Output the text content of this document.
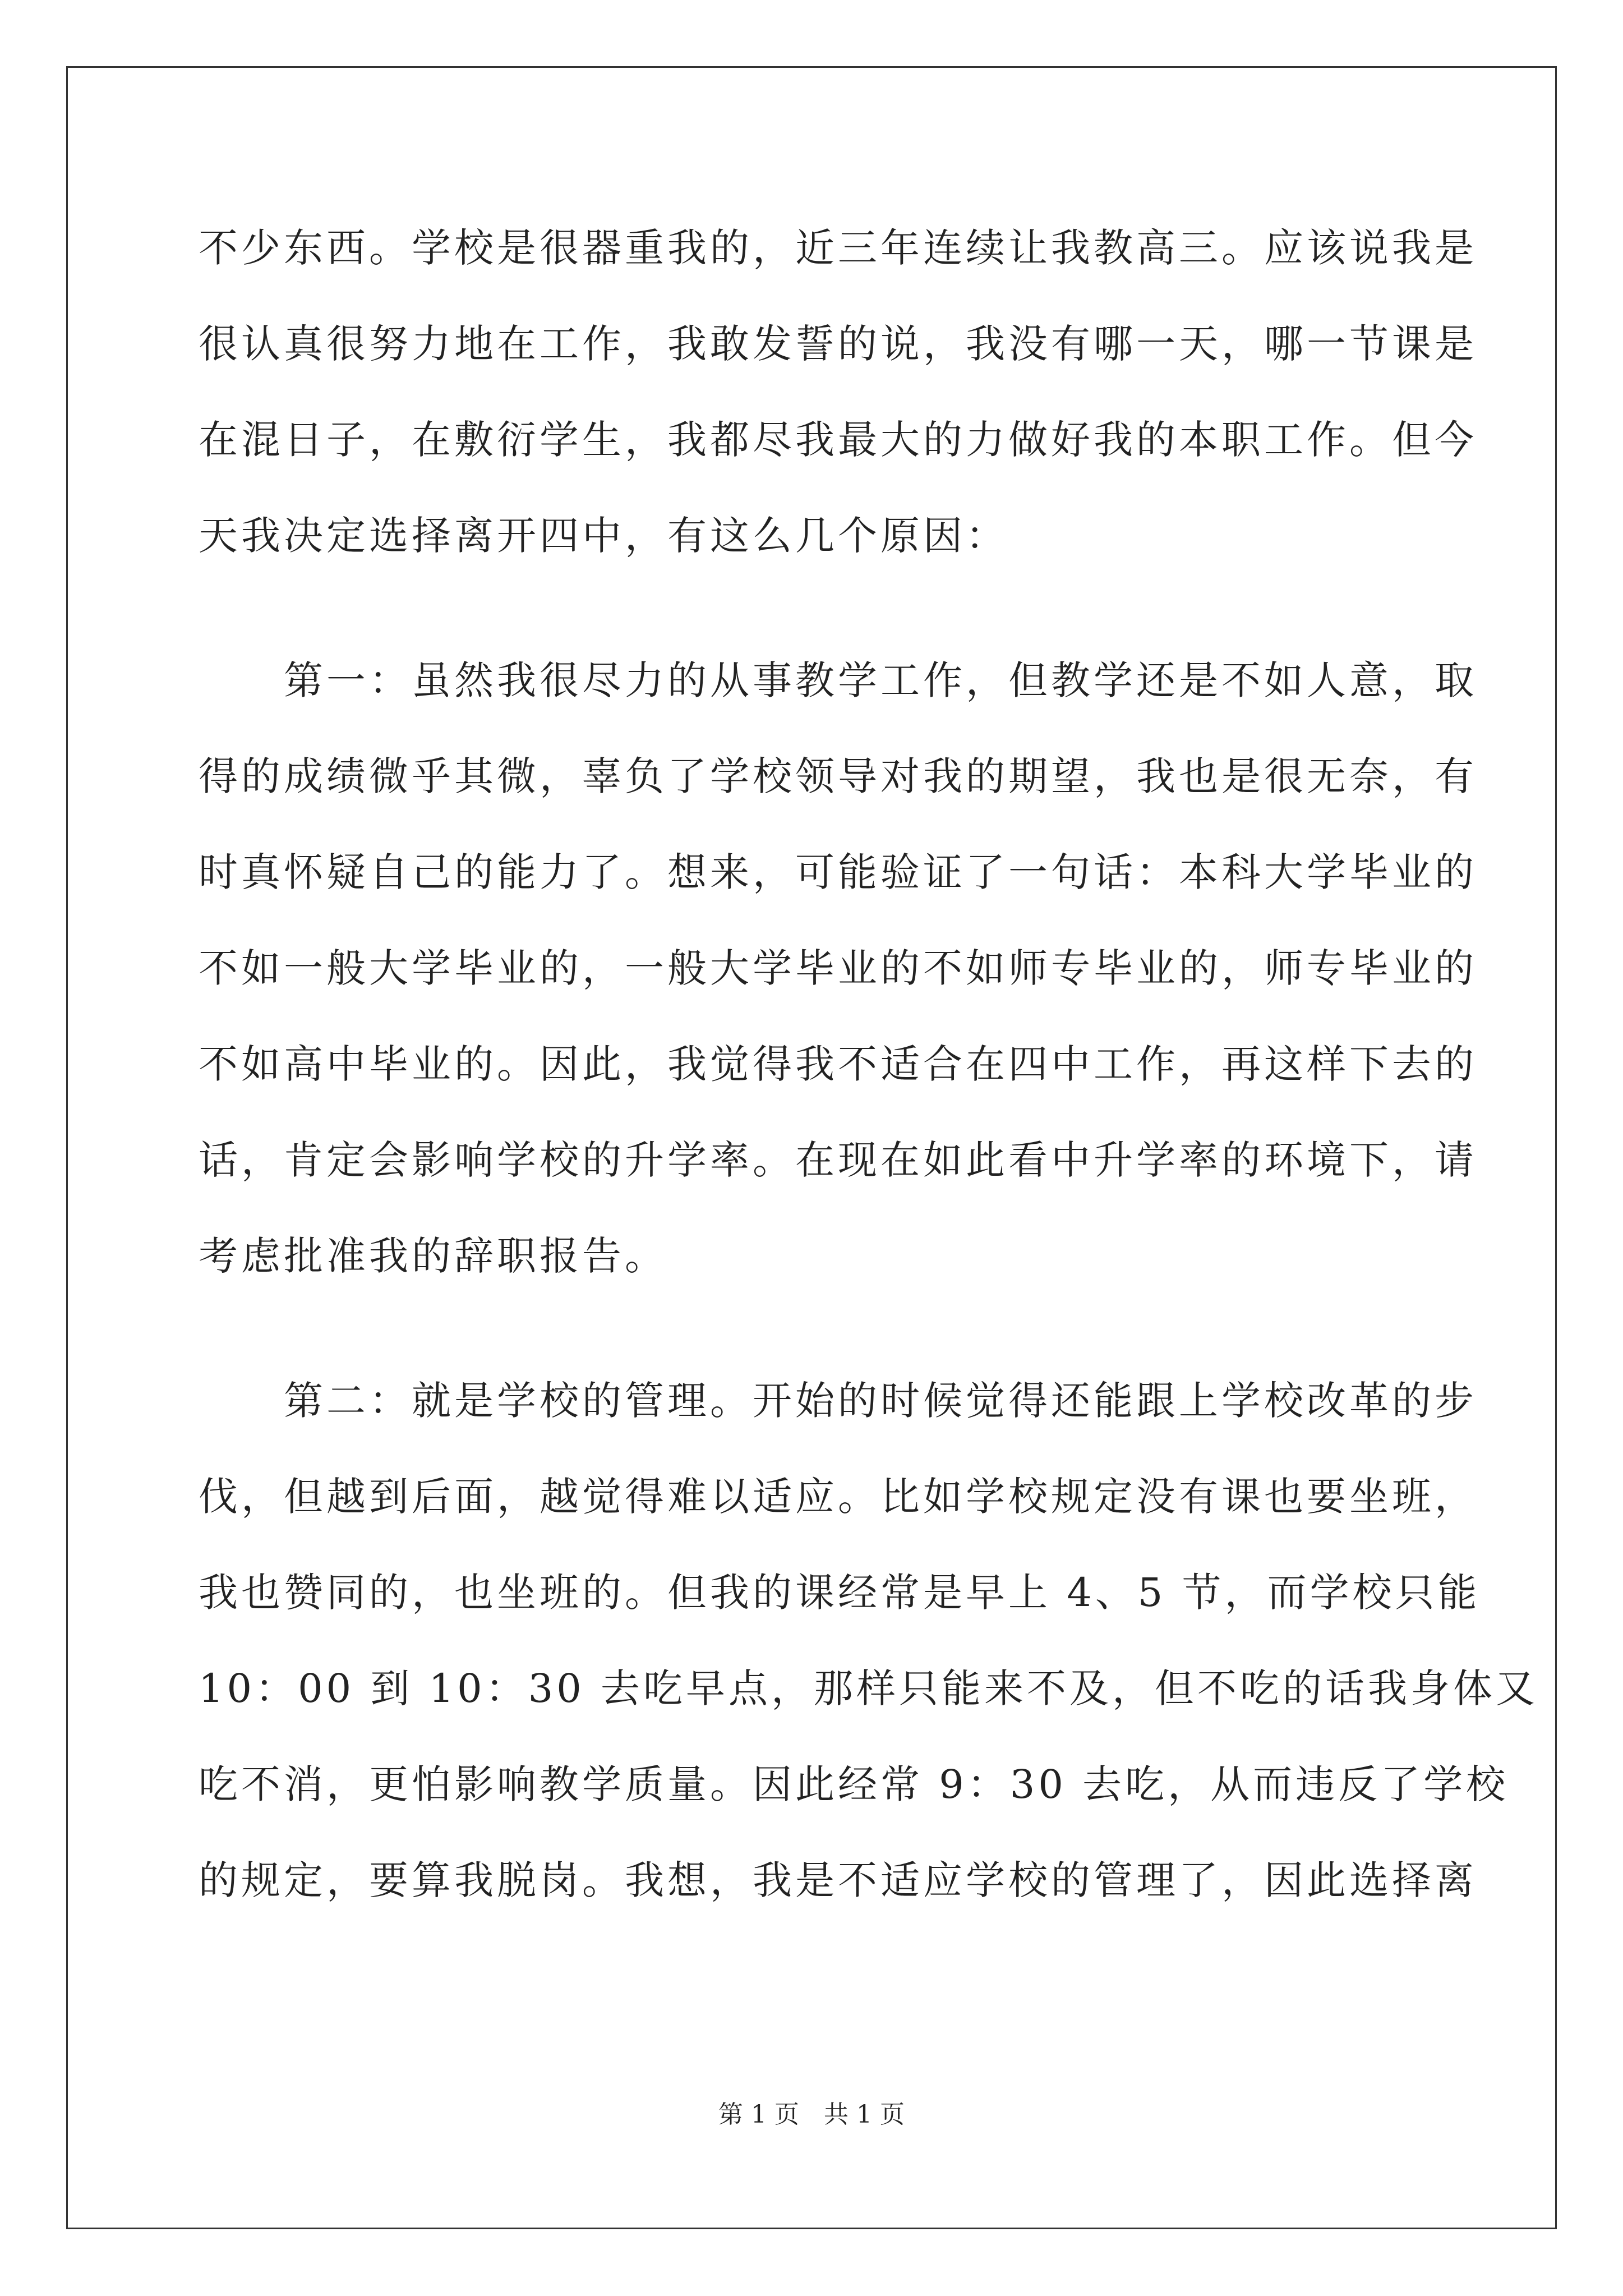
不少东西。学校是很器重我的，近三年连续让我教高三。应该说我是
很认真很努力地在工作，我敢发誓的说，我没有哪一天，哪一节课是
在混日子，在敷衍学生，我都尽我最大的力做好我的本职工作。但今
天我决定选择离开四中，有这么几个原因：
　　第一：虽然我很尽力的从事教学工作，但教学还是不如人意，取
得的成绩微乎其微，辜负了学校领导对我的期望，我也是很无奈，有
时真怀疑自己的能力了。想来，可能验证了一句话：本科大学毕业的
不如一般大学毕业的，一般大学毕业的不如师专毕业的，师专毕业的
不如高中毕业的。因此，我觉得我不适合在四中工作，再这样下去的
话，肯定会影响学校的升学率。在现在如此看中升学率的环境下，请
考虑批准我的辞职报告。
　　第二：就是学校的管理。开始的时候觉得还能跟上学校改革的步
伐，但越到后面，越觉得难以适应。比如学校规定没有课也要坐班，
我也赞同的，也坐班的。但我的课经常是早上 4、5 节，而学校只能
10：00 到 10：30 去吃早点，那样只能来不及，但不吃的话我身体又
吃不消，更怕影响教学质量。因此经常 9：30 去吃，从而违反了学校
的规定，要算我脱岗。我想，我是不适应学校的管理了，因此选择离
第 1 页　共 1 页
